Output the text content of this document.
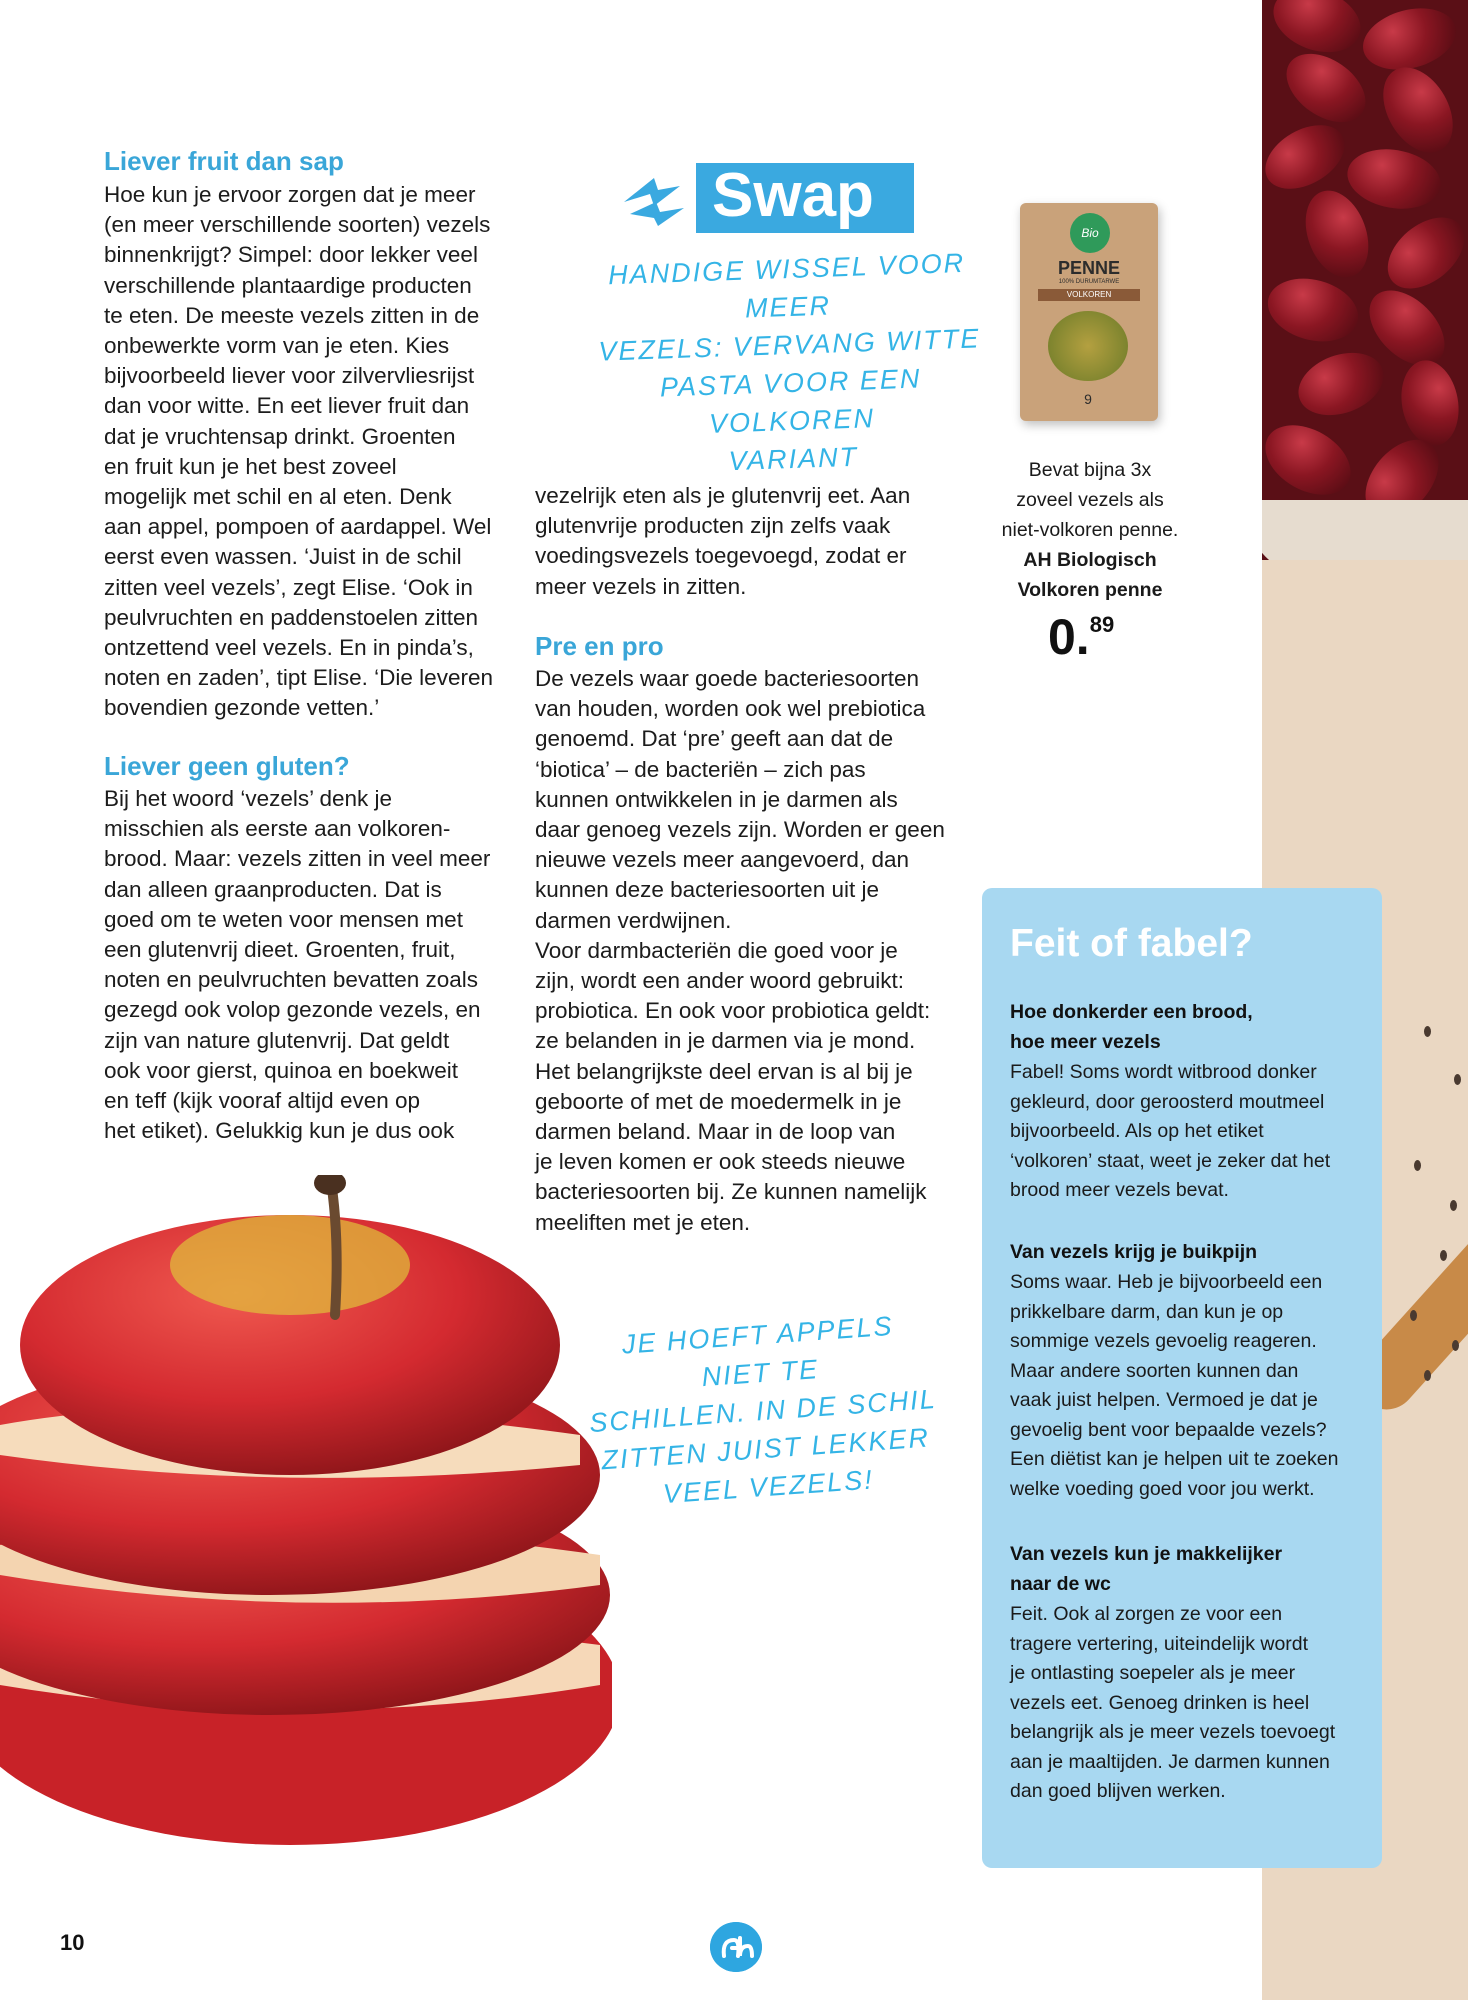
Liever fruit dan sap
Hoe kun je ervoor zorgen dat je meer
(en meer verschillende soorten) vezels
binnenkrijgt? Simpel: door lekker veel
verschillende plantaardige producten
te eten. De meeste vezels zitten in de
onbewerkte vorm van je eten. Kies
bijvoorbeeld liever voor zilvervliesrijst
dan voor witte. En eet liever fruit dan
dat je vruchtensap drinkt. Groenten
en fruit kun je het best zoveel
mogelijk met schil en al eten. Denk
aan appel, pompoen of aardappel. Wel
eerst even wassen. ‘Juist in de schil
zitten veel vezels’, zegt Elise. ‘Ook in
peulvruchten en paddenstoelen zitten
ontzettend veel vezels. En in pinda’s,
noten en zaden’, tipt Elise. ‘Die leveren
bovendien gezonde vetten.’
Liever geen gluten?
Bij het woord ‘vezels’ denk je
misschien als eerste aan volkoren-
brood. Maar: vezels zitten in veel meer
dan alleen graanproducten. Dat is
goed om te weten voor mensen met
een glutenvrij dieet. Groenten, fruit,
noten en peulvruchten bevatten zoals
gezegd ook volop gezonde vezels, en
zijn van nature glutenvrij. Dat geldt
ook voor gierst, quinoa en boekweit
en teff (kijk vooraf altijd even op
het etiket). Gelukkig kun je dus ook
vezelrijk eten als je glutenvrij eet. Aan
glutenvrije producten zijn zelfs vaak
voedingsvezels toegevoegd, zodat er
meer vezels in zitten.
Pre en pro
De vezels waar goede bacteriesoorten
van houden, worden ook wel prebiotica
genoemd. Dat ‘pre’ geeft aan dat de
‘biotica’ – de bacteriën – zich pas
kunnen ontwikkelen in je darmen als
daar genoeg vezels zijn. Worden er geen
nieuwe vezels meer aangevoerd, dan
kunnen deze bacteriesoorten uit je
darmen verdwijnen.
Voor darmbacteriën die goed voor je
zijn, wordt een ander woord gebruikt:
probiotica. En ook voor probiotica geldt:
ze belanden in je darmen via je mond.
Het belangrijkste deel ervan is al bij je
geboorte of met de moedermelk in je
darmen beland. Maar in de loop van
je leven komen er ook steeds nieuwe
bacteriesoorten bij. Ze kunnen namelijk
meeliften met je eten.
Swap
HANDIGE WISSEL VOOR MEER
VEZELS: VERVANG WITTE
PASTA VOOR EEN VOLKOREN
VARIANT
Bio
PENNE
100% DURUMTARWE
VOLKOREN
9
Bevat bijna 3x
zoveel vezels als
niet-volkoren penne.
AH Biologisch
Volkoren penne
0.89
Feit of fabel?
Hoe donkerder een brood,
hoe meer vezels
Fabel! Soms wordt witbrood donker
gekleurd, door geroosterd moutmeel
bijvoorbeeld. Als op het etiket
‘volkoren’ staat, weet je zeker dat het
brood meer vezels bevat.
Van vezels krijg je buikpijn
Soms waar. Heb je bijvoorbeeld een
prikkelbare darm, dan kun je op
sommige vezels gevoelig reageren.
Maar andere soorten kunnen dan
vaak juist helpen. Vermoed je dat je
gevoelig bent voor bepaalde vezels?
Een diëtist kan je helpen uit te zoeken
welke voeding goed voor jou werkt.
Van vezels kun je makkelijker
naar de wc
Feit. Ook al zorgen ze voor een
tragere vertering, uiteindelijk wordt
je ontlasting soepeler als je meer
vezels eet. Genoeg drinken is heel
belangrijk als je meer vezels toevoegt
aan je maaltijden. Je darmen kunnen
dan goed blijven werken.
JE HOEFT APPELS NIET TE
SCHILLEN. IN DE SCHIL
ZITTEN JUIST LEKKER
VEEL VEZELS!
10
